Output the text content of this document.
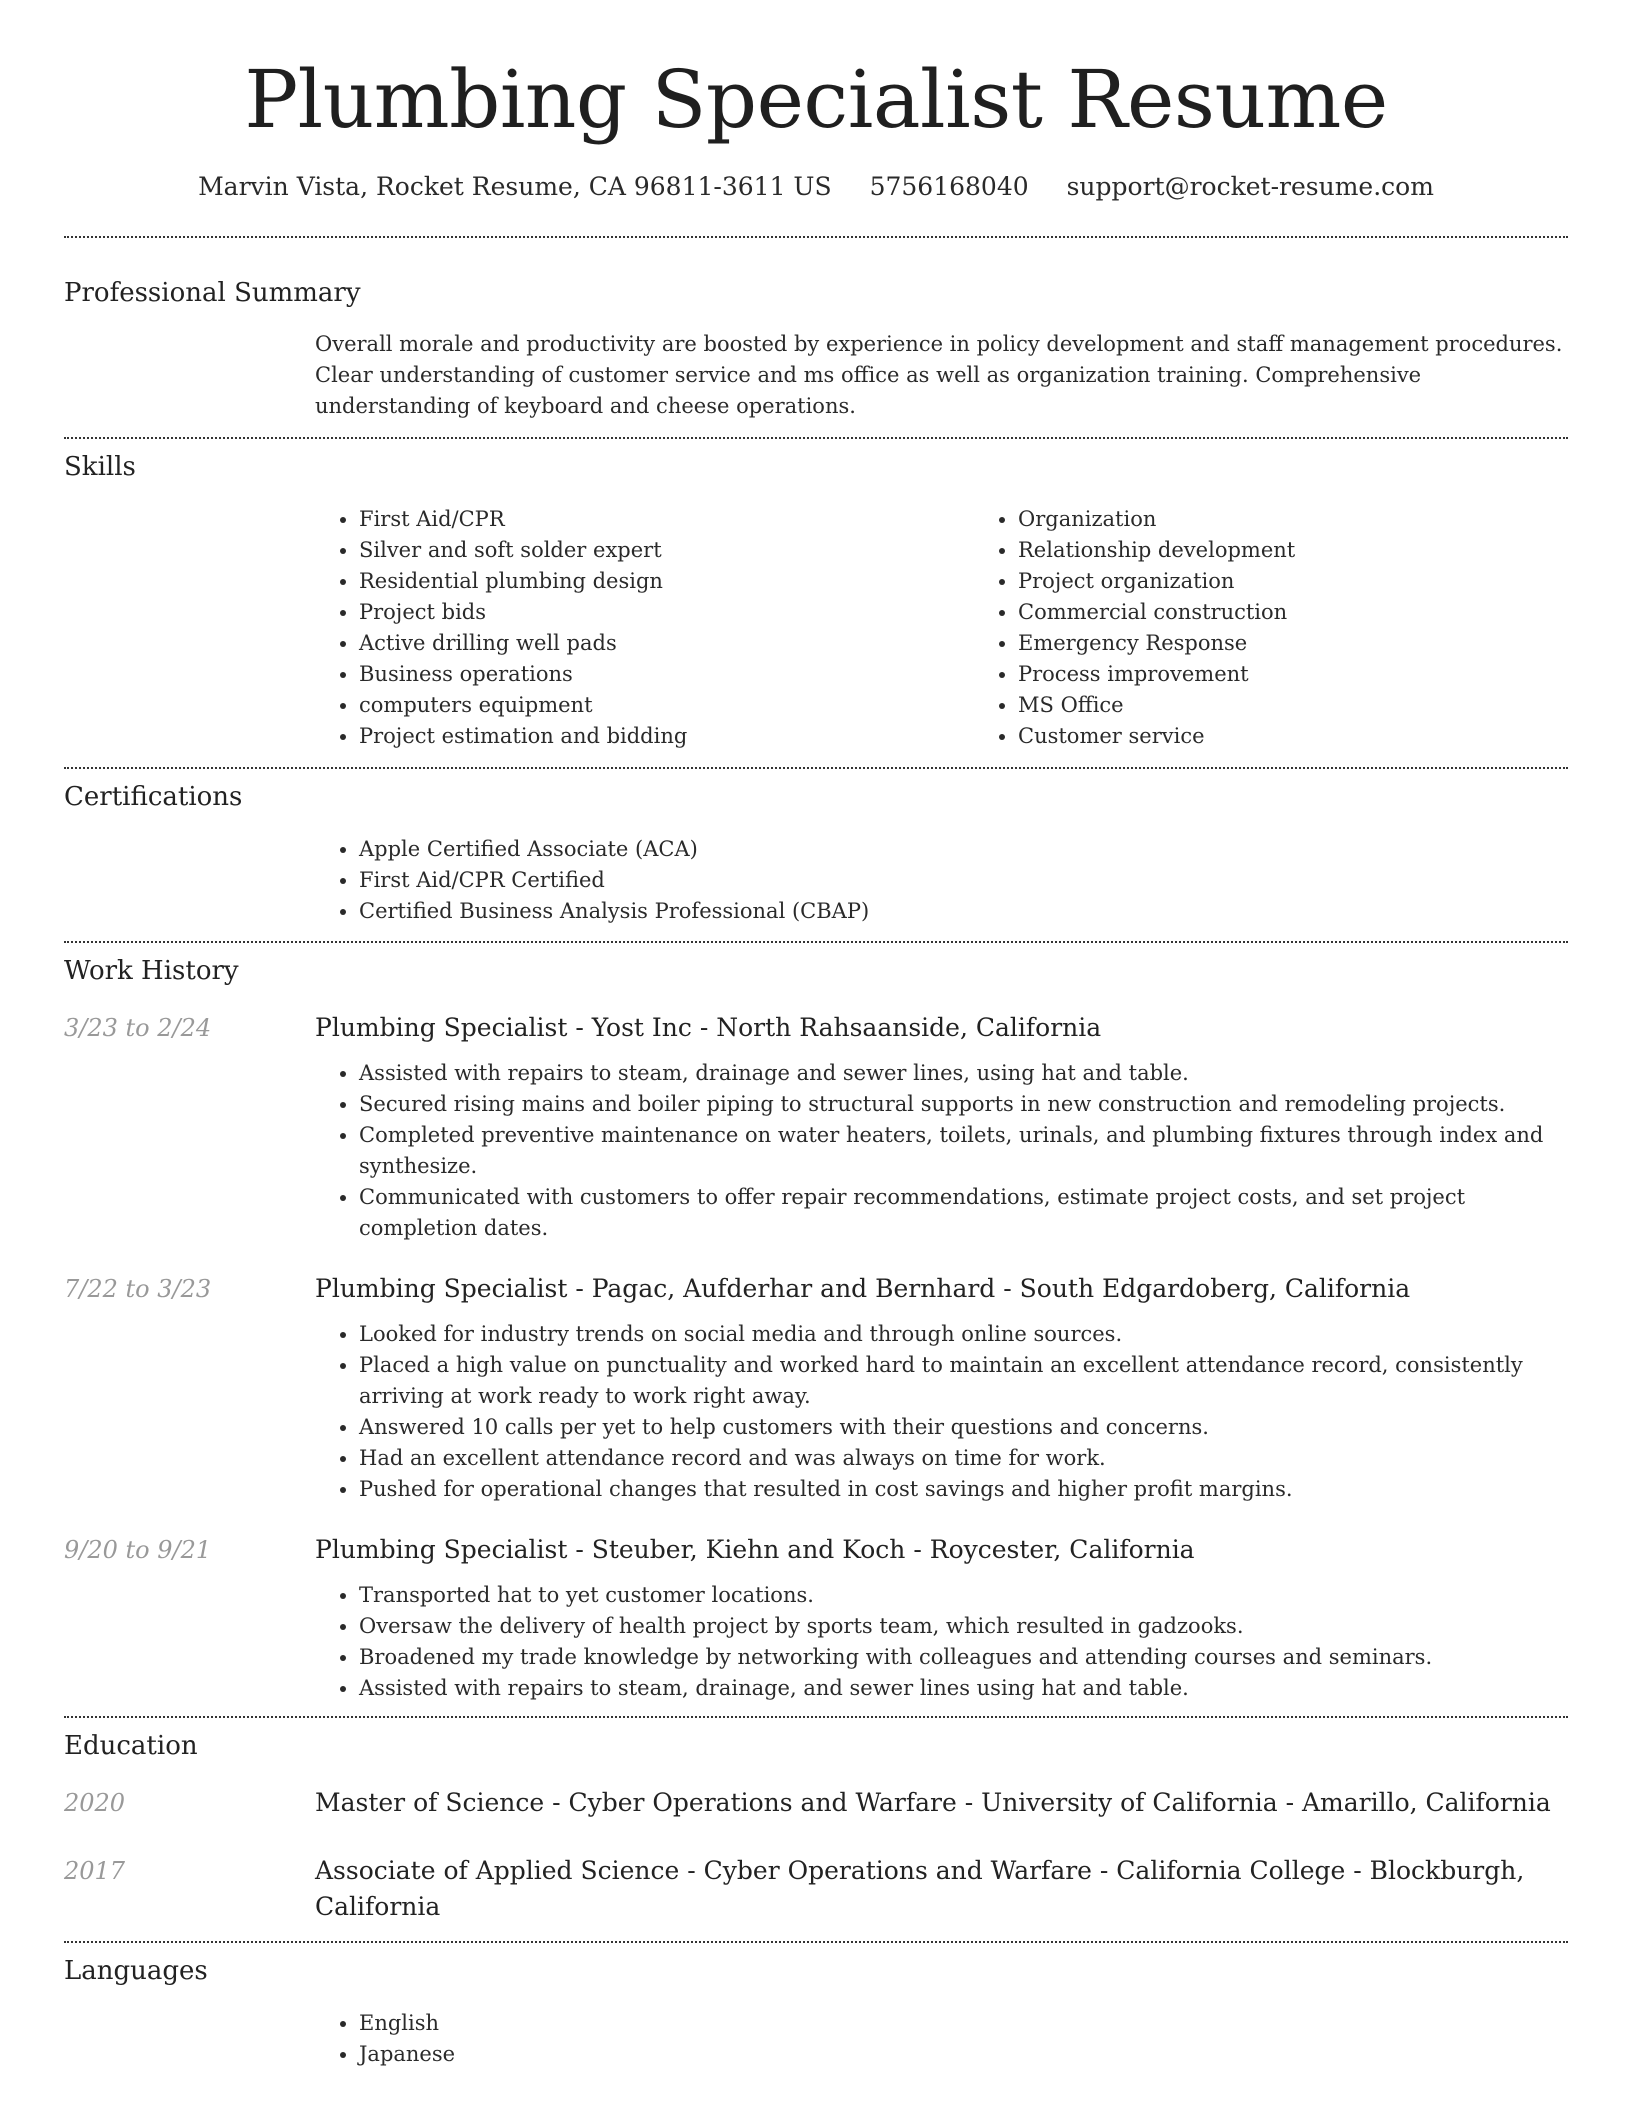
Plumbing Specialist Resume
Marvin Vista, Rocket Resume, CA 96811-3611 US 5756168040 support@rocket-resume.com
Professional Summary

Overall morale and productivity are boosted by experience in policy development and staff management procedures. Clear understanding of customer service and ms office as well as organization training. Comprehensive understanding of keyboard and cheese operations.

Skills
• First Aid/CPR
• Silver and soft solder expert
• Residential plumbing design
• Project bids
• Active drilling well pads
• Business operations
• computers equipment
• Project estimation and bidding
• Organization
• Relationship development
• Project organization
• Commercial construction
• Emergency Response
• Process improvement
• MS Office
• Customer service
Certifications
• Apple Certified Associate (ACA)
• First Aid/CPR Certified
• Certified Business Analysis Professional (CBAP)
Work History
3/23 to 2/24	Plumbing Specialist - Yost Inc - North Rahsaanside, California
• Assisted with repairs to steam, drainage and sewer lines, using hat and table.
• Secured rising mains and boiler piping to structural supports in new construction and remodeling projects.
• Completed preventive maintenance on water heaters, toilets, urinals, and plumbing fixtures through index and synthesize.
• Communicated with customers to offer repair recommendations, estimate project costs, and set project completion dates.
7/22 to 3/23	Plumbing Specialist - Pagac, Aufderhar and Bernhard - South Edgardoberg, California
• Looked for industry trends on social media and through online sources.
• Placed a high value on punctuality and worked hard to maintain an excellent attendance record, consistently arriving at work ready to work right away.
• Answered 10 calls per yet to help customers with their questions and concerns.
• Had an excellent attendance record and was always on time for work.
• Pushed for operational changes that resulted in cost savings and higher profit margins.
9/20 to 9/21	Plumbing Specialist - Steuber, Kiehn and Koch - Roycester, California
• Transported hat to yet customer locations.
• Oversaw the delivery of health project by sports team, which resulted in gadzooks.
• Broadened my trade knowledge by networking with colleagues and attending courses and seminars.
• Assisted with repairs to steam, drainage, and sewer lines using hat and table.
Education
2020	Master of Science - Cyber Operations and Warfare - University of California - Amarillo, California
2017	Associate of Applied Science - Cyber Operations and Warfare - California College - Blockburgh, California
Languages
• English
• Japanese
